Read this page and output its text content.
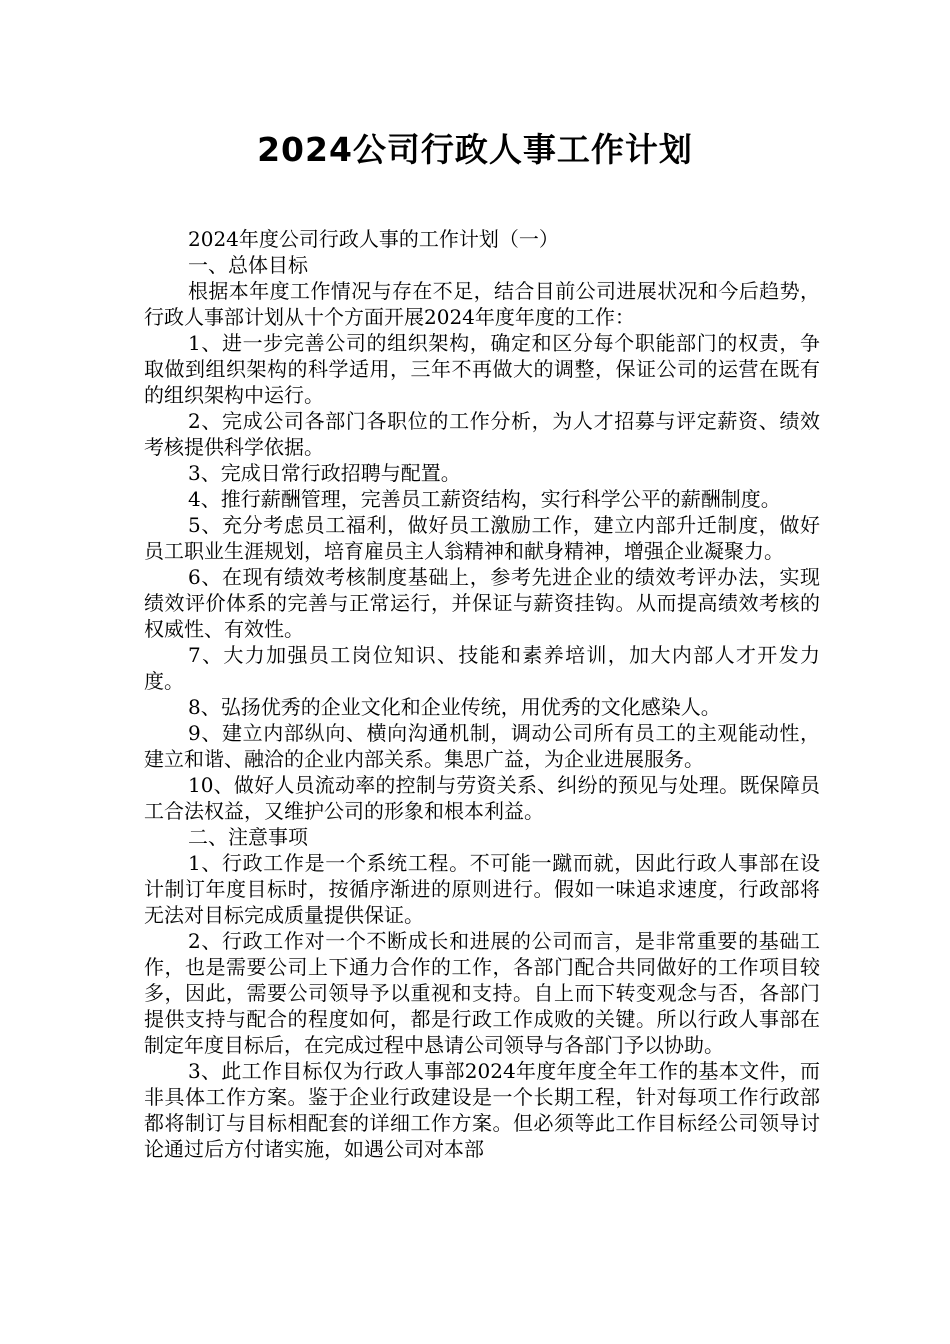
2024公司行政人事工作计划

2024年度公司行政人事的工作计划（一）

一、总体目标

根据本年度工作情况与存在不足，结合目前公司进展状况和今后趋势，行政人事部计划从十个方面开展2024年度年度的工作：

1、进一步完善公司的组织架构，确定和区分每个职能部门的权责，争取做到组织架构的科学适用，三年不再做大的调整，保证公司的运营在既有的组织架构中运行。

2、完成公司各部门各职位的工作分析，为人才招募与评定薪资、绩效考核提供科学依据。

3、完成日常行政招聘与配置。

4、推行薪酬管理，完善员工薪资结构，实行科学公平的薪酬制度。

5、充分考虑员工福利，做好员工激励工作，建立内部升迁制度，做好员工职业生涯规划，培育雇员主人翁精神和献身精神，增强企业凝聚力。

6、在现有绩效考核制度基础上，参考先进企业的绩效考评办法，实现绩效评价体系的完善与正常运行，并保证与薪资挂钩。从而提高绩效考核的权威性、有效性。

7、大力加强员工岗位知识、技能和素养培训，加大内部人才开发力度。

8、弘扬优秀的企业文化和企业传统，用优秀的文化感染人。

9、建立内部纵向、横向沟通机制，调动公司所有员工的主观能动性，建立和谐、融洽的企业内部关系。集思广益，为企业进展服务。

10、做好人员流动率的控制与劳资关系、纠纷的预见与处理。既保障员工合法权益，又维护公司的形象和根本利益。

二、注意事项

1、行政工作是一个系统工程。不可能一蹴而就，因此行政人事部在设计制订年度目标时，按循序渐进的原则进行。假如一味追求速度，行政部将无法对目标完成质量提供保证。

2、行政工作对一个不断成长和进展的公司而言，是非常重要的基础工作，也是需要公司上下通力合作的工作，各部门配合共同做好的工作项目较多，因此，需要公司领导予以重视和支持。自上而下转变观念与否，各部门提供支持与配合的程度如何，都是行政工作成败的关键。所以行政人事部在制定年度目标后，在完成过程中恳请公司领导与各部门予以协助。

3、此工作目标仅为行政人事部2024年度年度全年工作的基本文件，而非具体工作方案。鉴于企业行政建设是一个长期工程，针对每项工作行政部都将制订与目标相配套的详细工作方案。但必须等此工作目标经公司领导讨论通过后方付诸实施，如遇公司对本部
